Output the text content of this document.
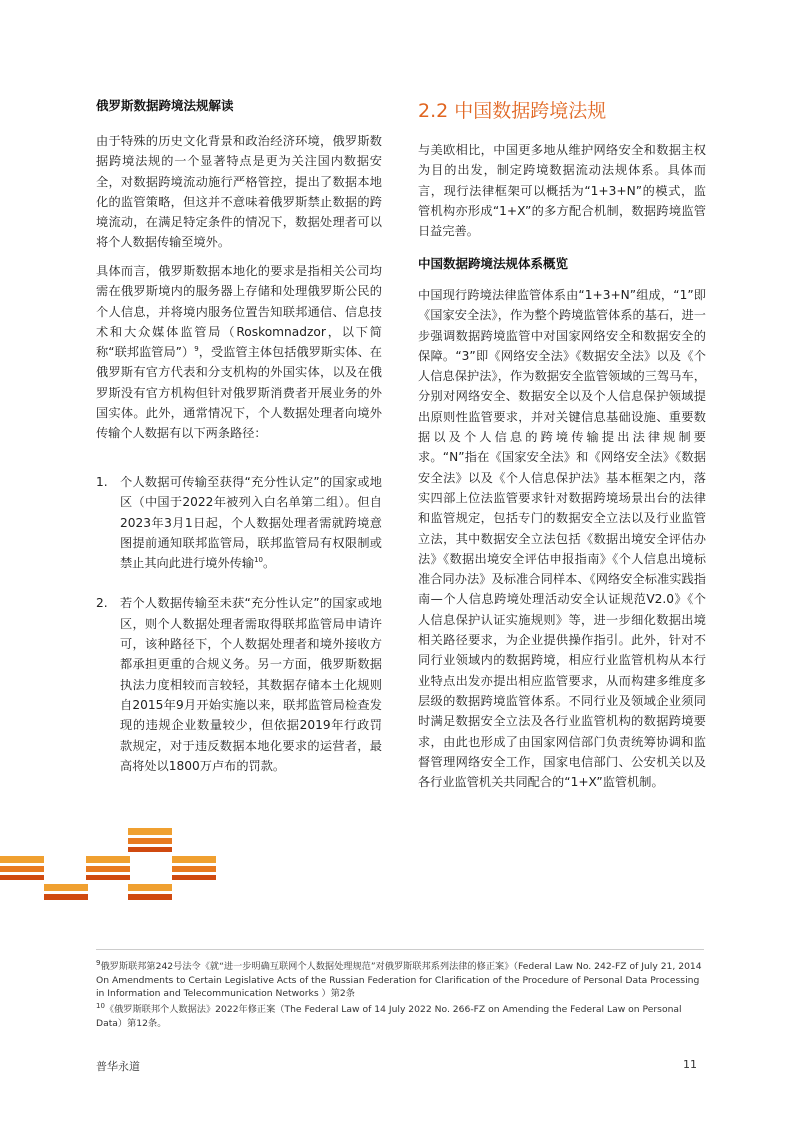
俄罗斯数据跨境法规解读

由于特殊的历史文化背景和政治经济环境，俄罗斯数据跨境法规的一个显著特点是更为关注国内数据安全，对数据跨境流动施行严格管控，提出了数据本地化的监管策略，但这并不意味着俄罗斯禁止数据的跨境流动，在满足特定条件的情况下，数据处理者可以将个人数据传输至境外。

具体而言，俄罗斯数据本地化的要求是指相关公司均需在俄罗斯境内的服务器上存储和处理俄罗斯公民的个人信息，并将境内服务位置告知联邦通信、信息技术和大众媒体监管局（Roskomnadzor，以下简称“联邦监管局”）$^9$，受监管主体包括俄罗斯实体、在俄罗斯有官方代表和分支机构的外国实体，以及在俄罗斯没有官方机构但针对俄罗斯消费者开展业务的外国实体。此外，通常情况下，个人数据处理者向境外传输个人数据有以下两条路径：

1. 个人数据可传输至获得“充分性认定”的国家或地区（中国于2022年被列入白名单第二组）。但自2023年3月1日起，个人数据处理者需就跨境意图提前通知联邦监管局，联邦监管局有权限制或禁止其向此进行境外传输$^{10}$。
2. 若个人数据传输至未获“充分性认定”的国家或地区，则个人数据处理者需取得联邦监管局申请许可，该种路径下，个人数据处理者和境外接收方都承担更重的合规义务。另一方面，俄罗斯数据执法力度相较而言较轻，其数据存储本土化规则自2015年9月开始实施以来，联邦监管局检查发现的违规企业数量较少，但依据2019年行政罚款规定，对于违反数据本地化要求的运营者，最高将处以1800万卢布的罚款。
2.2 中国数据跨境法规

与美欧相比，中国更多地从维护网络安全和数据主权为目的出发，制定跨境数据流动法规体系。具体而言，现行法律框架可以概括为“1+3+N”的模式，监管机构亦形成“1+X”的多方配合机制，数据跨境监管日益完善。

中国数据跨境法规体系概览

中国现行跨境法律监管体系由“1+3+N”组成，“1”即《国家安全法》，作为整个跨境监管体系的基石，进一步强调数据跨境监管中对国家网络安全和数据安全的保障。“3”即《网络安全法》《数据安全法》以及《个人信息保护法》，作为数据安全监管领域的三驾马车，分别对网络安全、数据安全以及个人信息保护领域提出原则性监管要求，并对关键信息基础设施、重要数据以及个人信息的跨境传输提出法律规制要求。“N”指在《国家安全法》和《网络安全法》《数据安全法》以及《个人信息保护法》基本框架之内，落实四部上位法监管要求针对数据跨境场景出台的法律和监管规定，包括专门的数据安全立法以及行业监管立法，其中数据安全立法包括《数据出境安全评估办法》《数据出境安全评估申报指南》《个人信息出境标准合同办法》及标准合同样本、《网络安全标准实践指南—个人信息跨境处理活动安全认证规范V2.0》《个人信息保护认证实施规则》等，进一步细化数据出境相关路径要求，为企业提供操作指引。此外，针对不同行业领域内的数据跨境，相应行业监管机构从本行业特点出发亦提出相应监管要求，从而构建多维度多层级的数据跨境监管体系。不同行业及领域企业须同时满足数据安全立法及各行业监管机构的数据跨境要求，由此也形成了由国家网信部门负责统筹协调和监督管理网络安全工作，国家电信部门、公安机关以及各行业监管机关共同配合的“1+X”监管机制。

$^9$俄罗斯联邦第242号法令《就“进一步明确互联网个人数据处理规范”对俄罗斯联邦系列法律的修正案》（Federal Law No. 242-FZ of July 21, 2014 On Amendments to Certain Legislative Acts of the Russian Federation for Clarification of the Procedure of Personal Data Processing in Information and Telecommunication Networks ）第2条

$^{10}$《俄罗斯联邦个人数据法》2022年修正案（The Federal Law of 14 July 2022 No. 266-FZ on Amending the Federal Law on Personal Data）第12条。

普华永道	11
